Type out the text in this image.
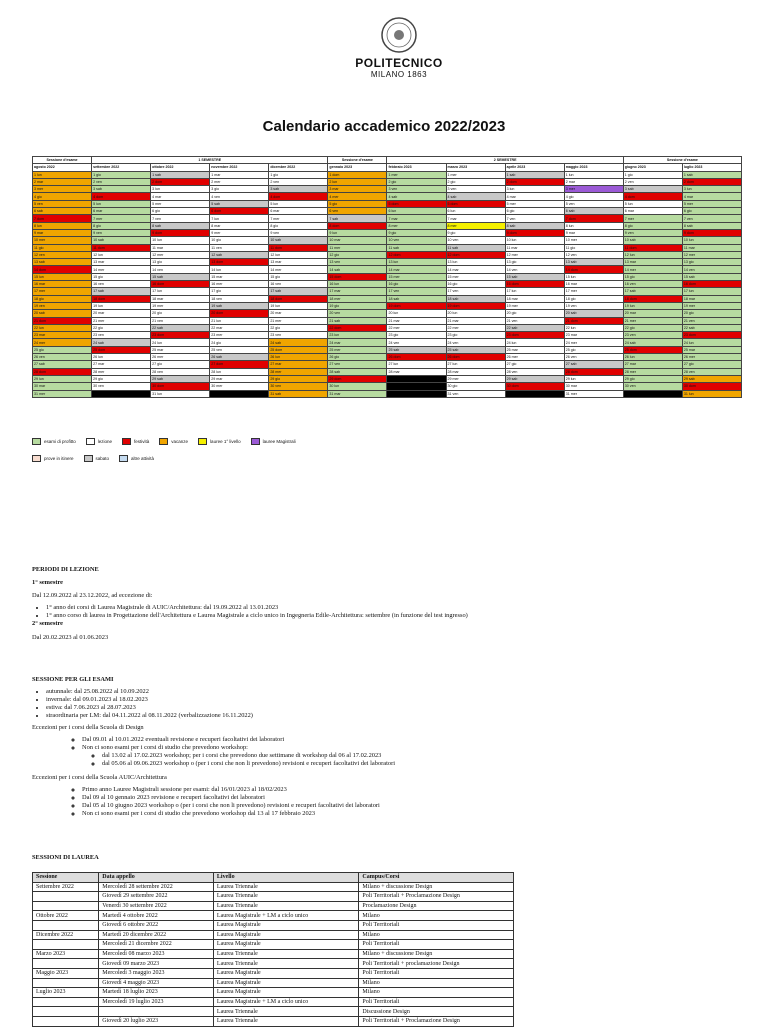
POLITECNICO
MILANO 1863
Calendario accademico 2022/2023
Sessione d'esame	1 SEMESTRE				Sessione d'esame	2 SEMESTRE				Sessione d'esame	
agosto 2022	settembre 2022	ottobre 2022	novembre 2022	dicembre 2022	gennaio 2023	febbraio 2023	marzo 2023	aprile 2023	maggio 2023	giugno 2023	luglio 2023
1 lun	1 gio	1 sab	1 mar	1 gio	1 dom	1 mer	1 mer	1 sab	1 lun	1 gio	1 sab
2 mar	2 ven	2 dom	2 mer	2 ven	2 lun	2 gio	2 gio	2 dom	2 mar	2 ven	2 dom
3 mer	3 sab	3 lun	3 gio	3 sab	3 mar	3 ven	3 ven	3 lun	3 mer	3 sab	3 lun
4 gio	4 dom	4 mar	4 ven	4 dom	4 mer	4 sab	4 sab	4 mar	4 gio	4 dom	4 mar
5 ven	5 lun	5 mer	5 sab	5 lun	5 gio	5 dom	5 dom	5 mer	5 ven	5 lun	5 mer
6 sab	6 mar	6 gio	6 dom	6 mar	6 ven	6 lun	6 lun	6 gio	6 sab	6 mar	6 gio
7 dom	7 mer	7 ven	7 lun	7 mer	7 sab	7 mar	7 mar	7 ven	7 dom	7 mer	7 ven
8 lun	8 gio	8 sab	8 mar	8 gio	8 dom	8 mer	8 mer	8 sab	8 lun	8 gio	8 sab
9 mar	9 ven	9 dom	9 mer	9 ven	9 lun	9 gio	9 gio	9 dom	9 mar	9 ven	9 dom
10 mer	10 sab	10 lun	10 gio	10 sab	10 mar	10 ven	10 ven	10 lun	10 mer	10 sab	10 lun
11 gio	11 dom	11 mar	11 ven	11 dom	11 mer	11 sab	11 sab	11 mar	11 gio	11 dom	11 mar
12 ven	12 lun	12 mer	12 sab	12 lun	12 gio	12 dom	12 dom	12 mer	12 ven	12 lun	12 mer
13 sab	13 mar	13 gio	13 dom	13 mar	13 ven	13 lun	13 lun	13 gio	13 sab	13 mar	13 gio
14 dom	14 mer	14 ven	14 lun	14 mer	14 sab	14 mar	14 mar	14 ven	14 dom	14 mer	14 ven
15 lun	15 gio	15 sab	15 mar	15 gio	15 dom	15 mer	15 mer	15 sab	15 lun	15 gio	15 sab
16 mar	16 ven	16 dom	16 mer	16 ven	16 lun	16 gio	16 gio	16 dom	16 mar	16 ven	16 dom
17 mer	17 sab	17 lun	17 gio	17 sab	17 mar	17 ven	17 ven	17 lun	17 mer	17 sab	17 lun
18 gio	18 dom	18 mar	18 ven	18 dom	18 mer	18 sab	18 sab	18 mar	18 gio	18 dom	18 mar
19 ven	19 lun	19 mer	19 sab	19 lun	19 gio	19 dom	19 dom	19 mer	19 ven	19 lun	19 mer
20 sab	20 mar	20 gio	20 dom	20 mar	20 ven	20 lun	20 lun	20 gio	20 sab	20 mar	20 gio
21 dom	21 mer	21 ven	21 lun	21 mer	21 sab	21 mar	21 mar	21 ven	21 dom	21 mer	21 ven
22 lun	22 gio	22 sab	22 mar	22 gio	22 dom	22 mer	22 mer	22 sab	22 lun	22 gio	22 sab
23 mar	23 ven	23 dom	23 mer	23 ven	23 lun	23 gio	23 gio	23 dom	23 mar	23 ven	23 dom
24 mer	24 sab	24 lun	24 gio	24 sab	24 mar	24 ven	24 ven	24 lun	24 mer	24 sab	24 lun
25 gio	25 dom	25 mar	25 ven	25 dom	25 mer	25 sab	25 sab	25 mar	25 gio	25 dom	25 mar
26 ven	26 lun	26 mer	26 sab	26 lun	26 gio	26 dom	26 dom	26 mer	26 ven	26 lun	26 mer
27 sab	27 mar	27 gio	27 dom	27 mar	27 ven	27 lun	27 lun	27 gio	27 sab	27 mar	27 gio
28 dom	28 mer	28 ven	28 lun	28 mer	28 sab	28 mar	28 mar	28 ven	28 dom	28 mer	28 ven
29 lun	29 gio	29 sab	29 mar	29 gio	29 dom		29 mer	29 sab	29 lun	29 gio	29 sab
30 mar	30 ven	30 dom	30 mer	30 ven	30 lun		30 gio	30 dom	30 mar	30 ven	30 dom
31 mer		31 lun		31 sab	31 mar		31 ven		31 mer		31 lun
esami di profitto	lezione	festività	vacanze	lauree 1° livello	lauree Magistrali

prove in itinere	sabato	altre attività
PERIODI DI LEZIONE
1° semestre
Dal 12.09.2022 al 23.12.2022, ad eccezione di:
• 1° anno dei corsi di Laurea Magistrale di AUIC/Architettura: dal 19.09.2022 al 13.01.2023
• 1° anno corso di laurea in Progettazione dell'Architettura e Laurea Magistrale a ciclo unico in Ingegneria Edile-Architettura: settembre (in funzione del test ingresso)
2° semestre
Dal 20.02.2023 al 01.06.2023
SESSIONE PER GLI ESAMI
• autunnale: dal 25.08.2022 al 10.09.2022
• invernale: dal 09.01.2023 al 18.02.2023
• estiva: dal 7.06.2023 al 28.07.2023
• straordinaria per LM: dal 04.11.2022 al 08.11.2022 (verbalizzazione 16.11.2022)
Eccezioni per i corsi della Scuola di Design
◦ Dal 09.01 al 10.01.2022 eventuali revisione e recuperi facoltativi dei laboratori
◦ Non ci sono esami per i corsi di studio che prevedono workshop:
◦ dal 13.02 al 17.02.2023 workshop; per i corsi che prevedono due settimane di workshop dal 06 al 17.02.2023
◦ dal 05.06 al 09.06.2023 workshop o (per i corsi che non li prevedono) revisioni e recuperi facoltativi dei laboratori
Eccezioni per i corsi della Scuola AUIC/Architettura
◦ Primo anno Lauree Magistrali sessione per esami: dal 16/01/2023 al 18/02/2023
◦ Dal 09 al 10 gennaio 2023 revisione e recuperi facoltativi dei laboratori
◦ Dal 05 al 10 giugno 2023 workshop o (per i corsi che non li prevedono) revisioni e recuperi facoltativi dei laboratori
◦ Non ci sono esami per i corsi di studio che prevedono workshop dal 13 al 17 febbraio 2023
SESSIONI DI LAUREA
Sessione	Data appello	Livello	Campus/Corsi
Settembre 2022	Mercoledì 28 settembre 2022	Laurea Triennale	Milano + discussione Design
	Giovedì 29 settembre 2022	Laurea Triennale	Poli Territoriali + Proclamazione Design
	Venerdì 30 settembre 2022	Laurea Triennale	Proclamazione Design
Ottobre 2022	Martedì 4 ottobre 2022	Laurea Magistrale + LM a ciclo unico	Milano
	Giovedì 6 ottobre 2022	Laurea Magistrale	Poli Territoriali
Dicembre 2022	Martedì 20 dicembre 2022	Laurea Magistrale	Milano
	Mercoledì 21 dicembre 2022	Laurea Magistrale	Poli Territoriali
Marzo 2023	Mercoledì 08 marzo 2023	Laurea Triennale	Milano + discussione Design
	Giovedì 09 marzo 2023	Laurea Triennale	Poli Territoriali + proclamazione Design
Maggio 2023	Mercoledì 3 maggio 2023	Laurea Magistrale	Poli Territoriali
	Giovedì 4 maggio 2023	Laurea Magistrale	Milano
Luglio 2023	Martedì 18 luglio 2023	Laurea Magistrale	Milano
	Mercoledì 19 luglio 2023	Laurea Magistrale + LM a ciclo unico	Poli Territoriali
		Laurea Triennale	Discussione Design
	Giovedì 20 luglio 2023	Laurea Triennale	Poli Territoriali + Proclamazione Design
